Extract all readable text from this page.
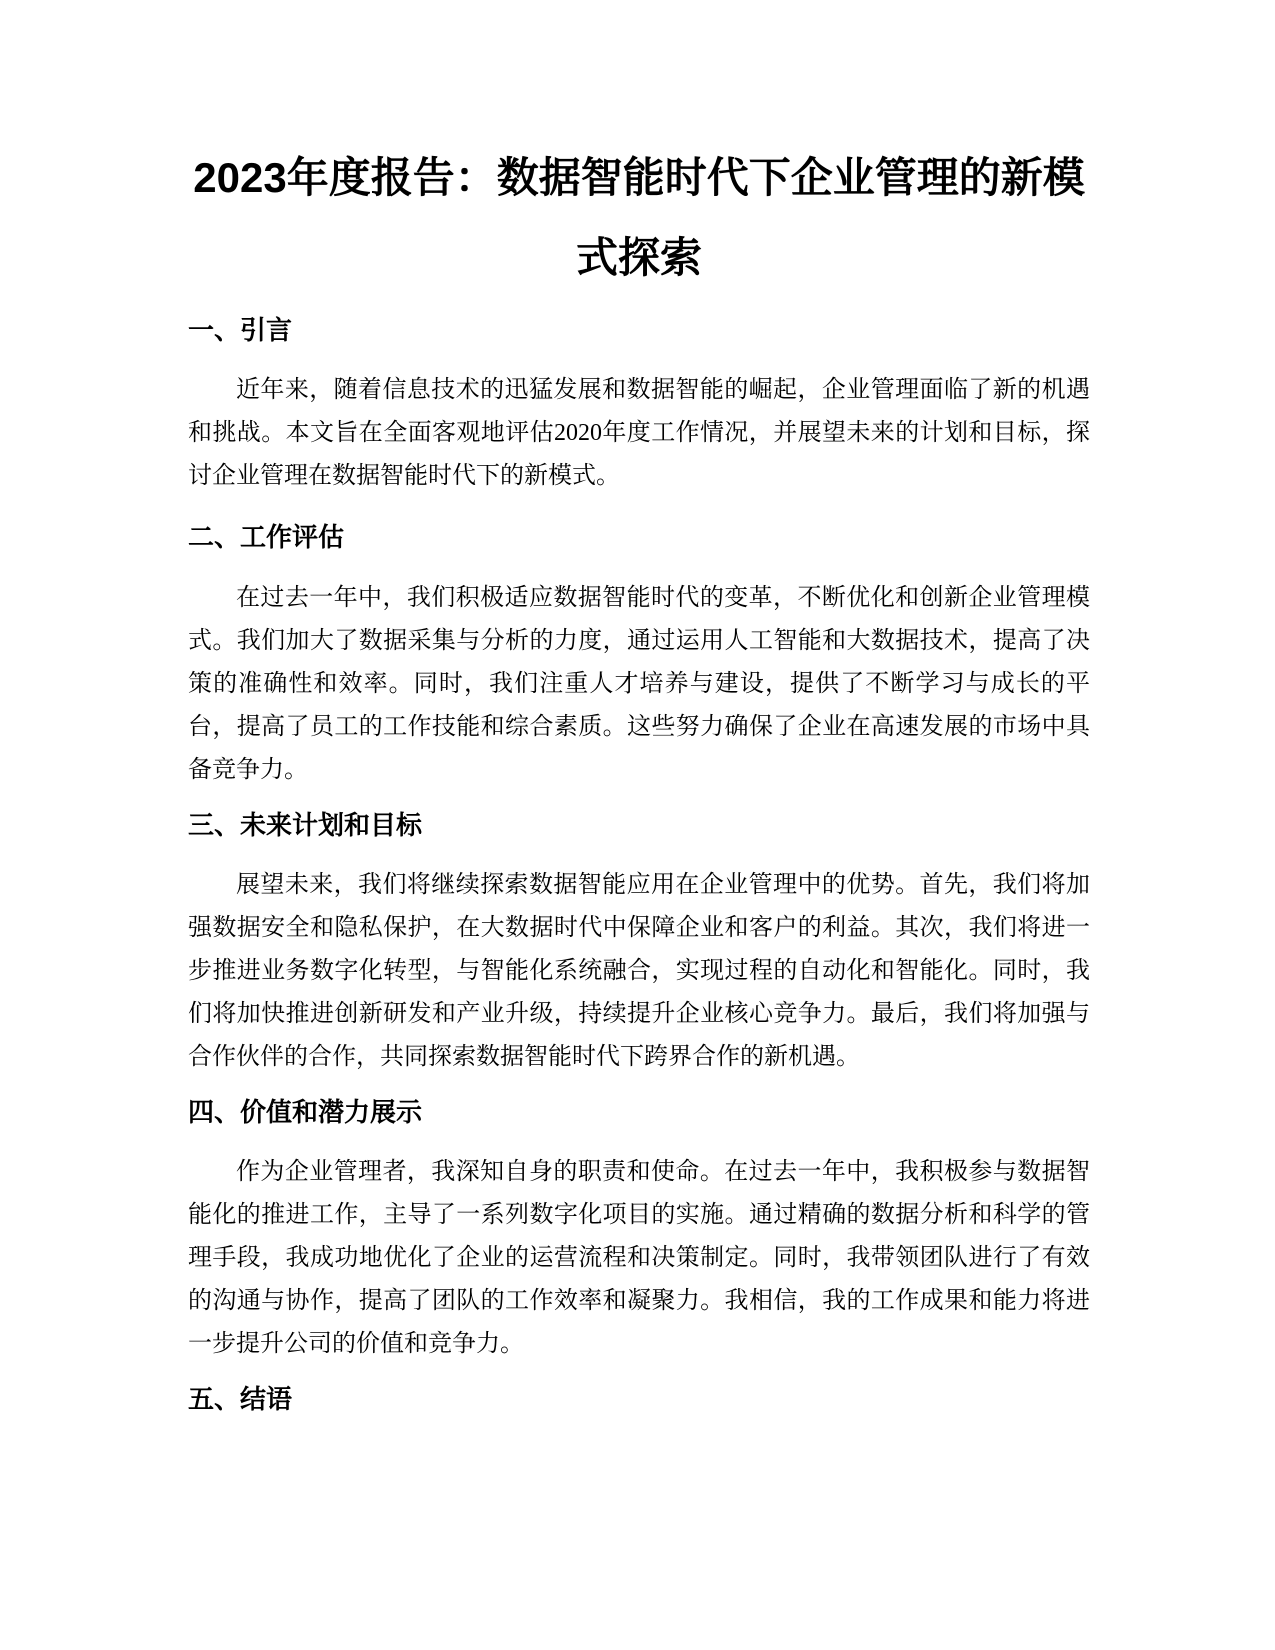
2023年度报告：数据智能时代下企业管理的新模式探索
一、引言

近年来，随着信息技术的迅猛发展和数据智能的崛起，企业管理面临了新的机遇和挑战。本文旨在全面客观地评估2020年度工作情况，并展望未来的计划和目标，探讨企业管理在数据智能时代下的新模式。

二、工作评估

在过去一年中，我们积极适应数据智能时代的变革，不断优化和创新企业管理模式。我们加大了数据采集与分析的力度，通过运用人工智能和大数据技术，提高了决策的准确性和效率。同时，我们注重人才培养与建设，提供了不断学习与成长的平台，提高了员工的工作技能和综合素质。这些努力确保了企业在高速发展的市场中具备竞争力。

三、未来计划和目标

展望未来，我们将继续探索数据智能应用在企业管理中的优势。首先，我们将加强数据安全和隐私保护，在大数据时代中保障企业和客户的利益。其次，我们将进一步推进业务数字化转型，与智能化系统融合，实现过程的自动化和智能化。同时，我们将加快推进创新研发和产业升级，持续提升企业核心竞争力。最后，我们将加强与合作伙伴的合作，共同探索数据智能时代下跨界合作的新机遇。

四、价值和潜力展示

作为企业管理者，我深知自身的职责和使命。在过去一年中，我积极参与数据智能化的推进工作，主导了一系列数字化项目的实施。通过精确的数据分析和科学的管理手段，我成功地优化了企业的运营流程和决策制定。同时，我带领团队进行了有效的沟通与协作，提高了团队的工作效率和凝聚力。我相信，我的工作成果和能力将进一步提升公司的价值和竞争力。

五、结语
